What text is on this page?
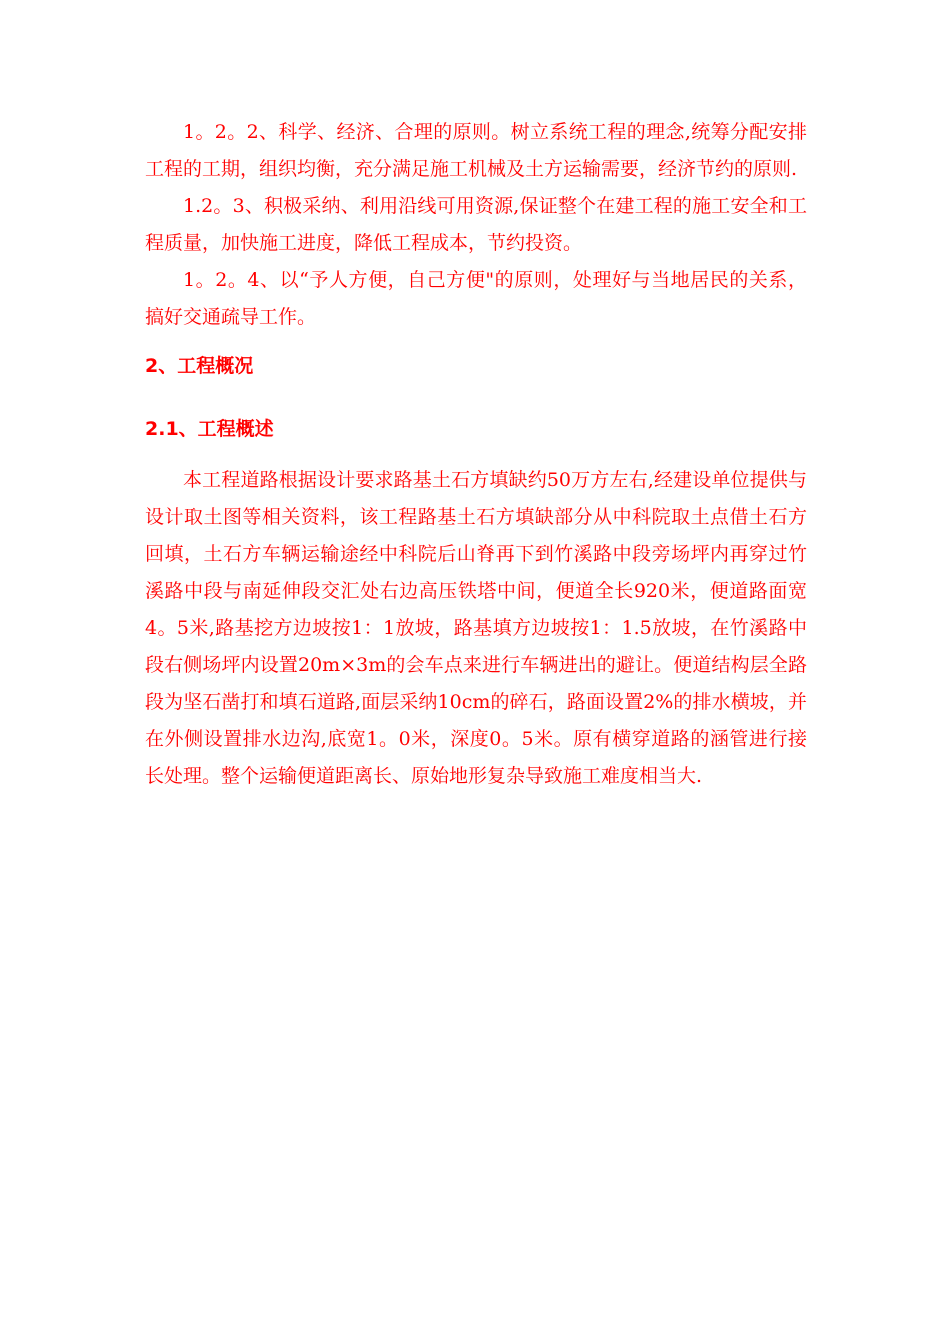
1。2。2、科学、经济、合理的原则。树立系统工程的理念,统筹分配安排工程的工期，组织均衡，充分满足施工机械及土方运输需要，经济节约的原则.

1.2。3、积极采纳、利用沿线可用资源,保证整个在建工程的施工安全和工程质量，加快施工进度，降低工程成本，节约投资。

1。2。4、以“予人方便，自己方便"的原则，处理好与当地居民的关系，搞好交通疏导工作。

2、工程概况
2.1、工程概述

本工程道路根据设计要求路基土石方填缺约50万方左右,经建设单位提供与设计取土图等相关资料，该工程路基土石方填缺部分从中科院取土点借土石方回填，土石方车辆运输途经中科院后山脊再下到竹溪路中段旁场坪内再穿过竹溪路中段与南延伸段交汇处右边高压铁塔中间，便道全长920米，便道路面宽4。5米,路基挖方边坡按1：1放坡，路基填方边坡按1：1.5放坡，在竹溪路中段右侧场坪内设置20m×3m的会车点来进行车辆进出的避让。便道结构层全路段为坚石凿打和填石道路,面层采纳10cm的碎石，路面设置2%的排水横坡，并在外侧设置排水边沟,底宽1。0米，深度0。5米。原有横穿道路的涵管进行接长处理。整个运输便道距离长、原始地形复杂导致施工难度相当大.
